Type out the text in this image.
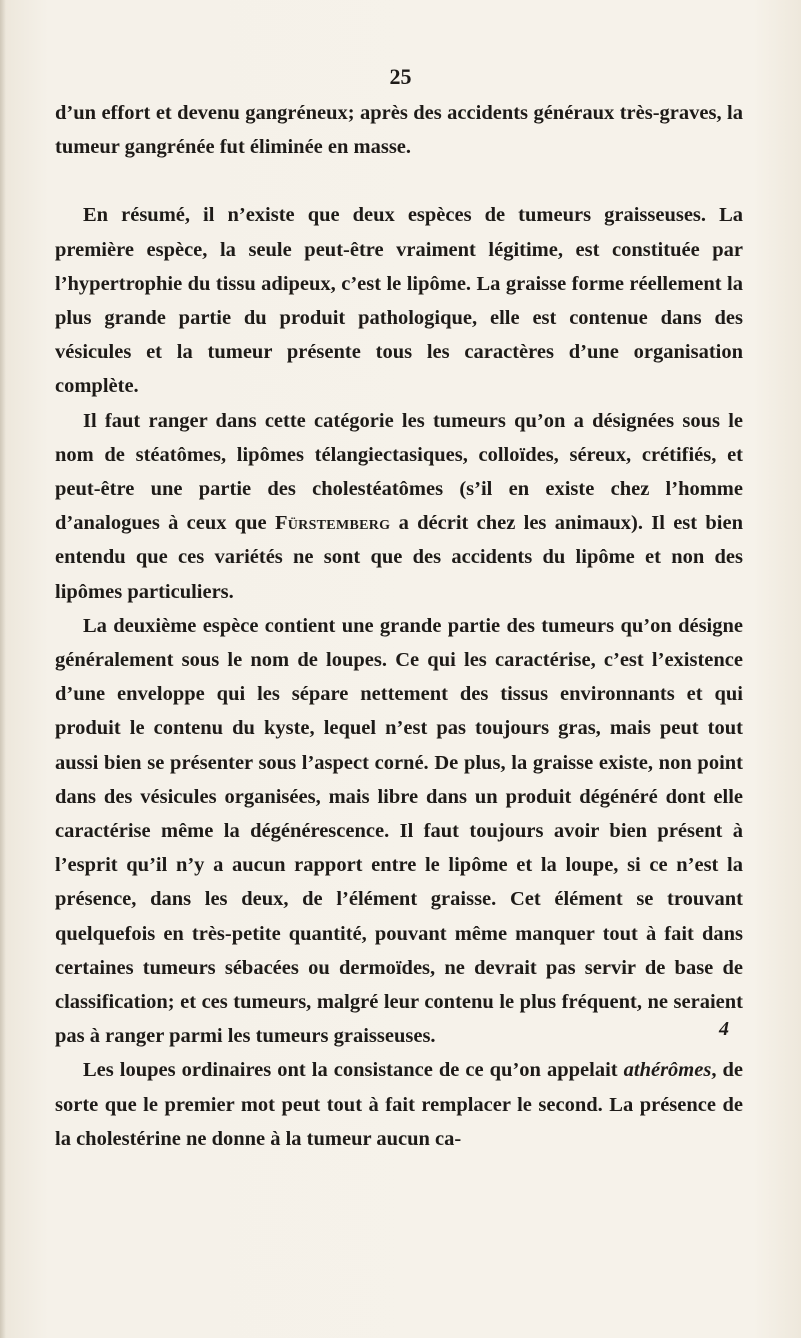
25

d’un effort et devenu gangréneux; après des accidents généraux très-graves, la tumeur gangrénée fut éliminée en masse.

En résumé, il n’existe que deux espèces de tumeurs graisseuses. La première espèce, la seule peut-être vraiment légitime, est constituée par l’hypertrophie du tissu adipeux, c’est le lipôme. La graisse forme réellement la plus grande partie du produit pathologique, elle est contenue dans des vésicules et la tumeur présente tous les caractères d’une organisation complète.

Il faut ranger dans cette catégorie les tumeurs qu’on a désignées sous le nom de stéatômes, lipômes télangiectasiques, colloïdes, séreux, crétifiés, et peut-être une partie des cholestéatômes (s’il en existe chez l’homme d’analogues à ceux que Fürstemberg a décrit chez les animaux). Il est bien entendu que ces variétés ne sont que des accidents du lipôme et non des lipômes particuliers.

La deuxième espèce contient une grande partie des tumeurs qu’on désigne généralement sous le nom de loupes. Ce qui les caractérise, c’est l’existence d’une enveloppe qui les sépare nettement des tissus environnants et qui produit le contenu du kyste, lequel n’est pas toujours gras, mais peut tout aussi bien se présenter sous l’aspect corné. De plus, la graisse existe, non point dans des vésicules organisées, mais libre dans un produit dégénéré dont elle caractérise même la dégénérescence. Il faut toujours avoir bien présent à l’esprit qu’il n’y a aucun rapport entre le lipôme et la loupe, si ce n’est la présence, dans les deux, de l’élément graisse. Cet élément se trouvant quelquefois en très-petite quantité, pouvant même manquer tout à fait dans certaines tumeurs sébacées ou dermoïdes, ne devrait pas servir de base de classification; et ces tumeurs, malgré leur contenu le plus fréquent, ne seraient pas à ranger parmi les tumeurs graisseuses.

Les loupes ordinaires ont la consistance de ce qu’on appelait athérômes, de sorte que le premier mot peut tout à fait remplacer le second. La présence de la cholestérine ne donne à la tumeur aucun ca-

4
